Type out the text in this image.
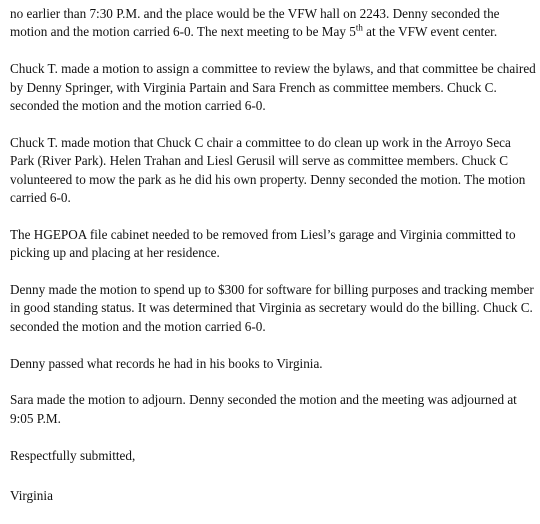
no earlier than 7:30 P.M. and the place would be the VFW hall on 2243. Denny seconded the motion and the motion carried 6-0. The next meeting to be May 5th at the VFW event center.

Chuck T. made a motion to assign a committee to review the bylaws, and that committee be chaired by Denny Springer, with Virginia Partain and Sara French as committee members. Chuck C. seconded the motion and the motion carried 6-0.

Chuck T. made motion that Chuck C chair a committee to do clean up work in the Arroyo Seca Park (River Park). Helen Trahan and Liesl Gerusil will serve as committee members. Chuck C volunteered to mow the park as he did his own property. Denny seconded the motion. The motion carried 6-0.

The HGEPOA file cabinet needed to be removed from Liesl’s garage and Virginia committed to picking up and placing at her residence.

Denny made the motion to spend up to $300 for software for billing purposes and tracking member in good standing status. It was determined that Virginia as secretary would do the billing. Chuck C. seconded the motion and the motion carried 6-0.

Denny passed what records he had in his books to Virginia.

Sara made the motion to adjourn. Denny seconded the motion and the meeting was adjourned at 9:05 P.M.

Respectfully submitted,

Virginia
